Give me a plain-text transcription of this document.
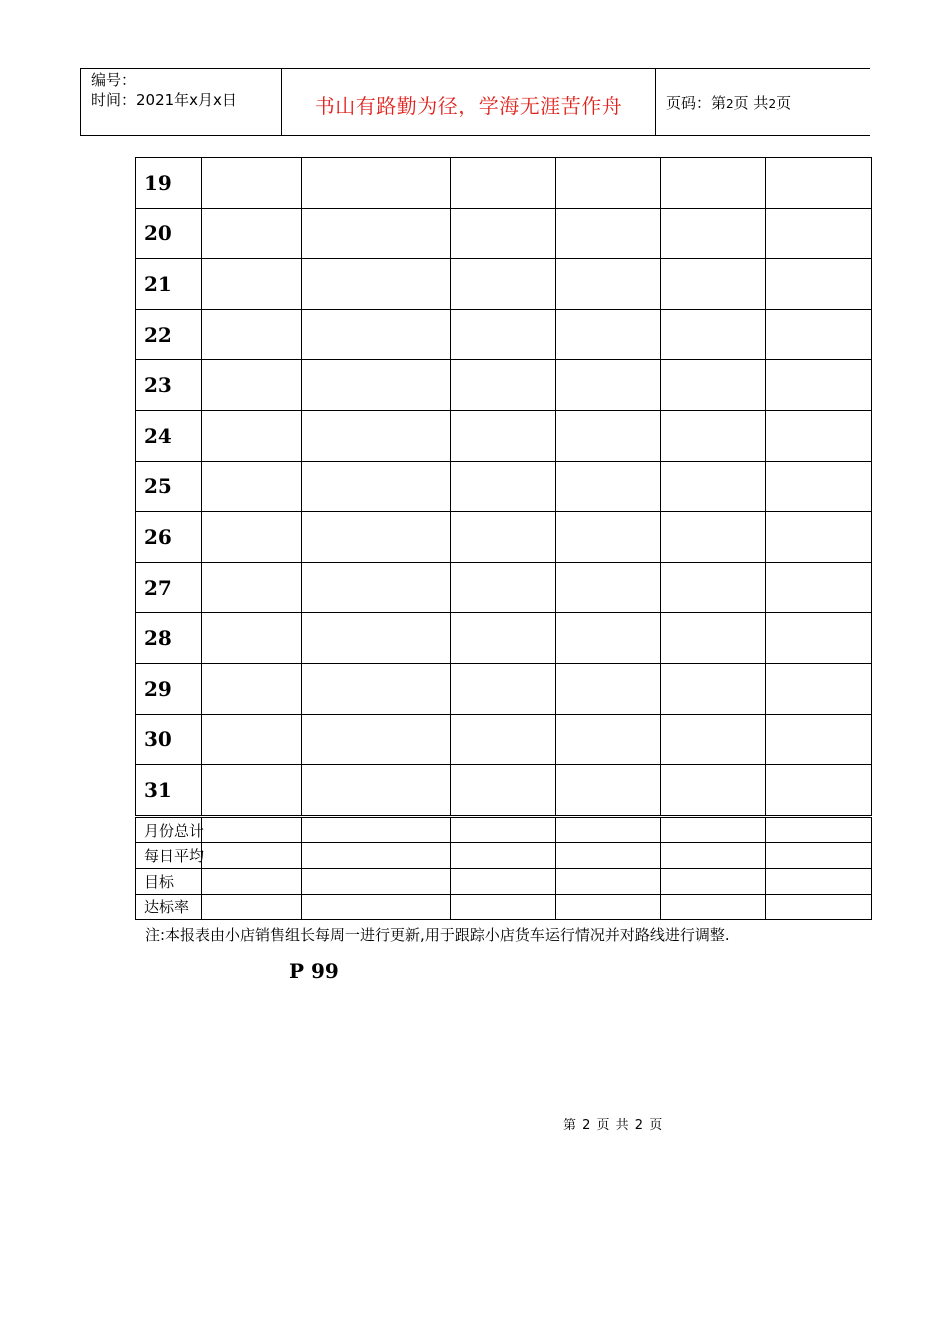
编号：
时间：2021年x月x日	书山有路勤为径，学海无涯苦作舟	页码：第2页 共2页
19						
20						
21						
22						
23						
24						
25						
26						
27						
28						
29						
30						
31						
月份总计						
每日平均						
目标						
达标率						
注:本报表由小店销售组长每周一进行更新,用于跟踪小店货车运行情况并对路线进行调整.
P 99
第 2 页 共 2 页
